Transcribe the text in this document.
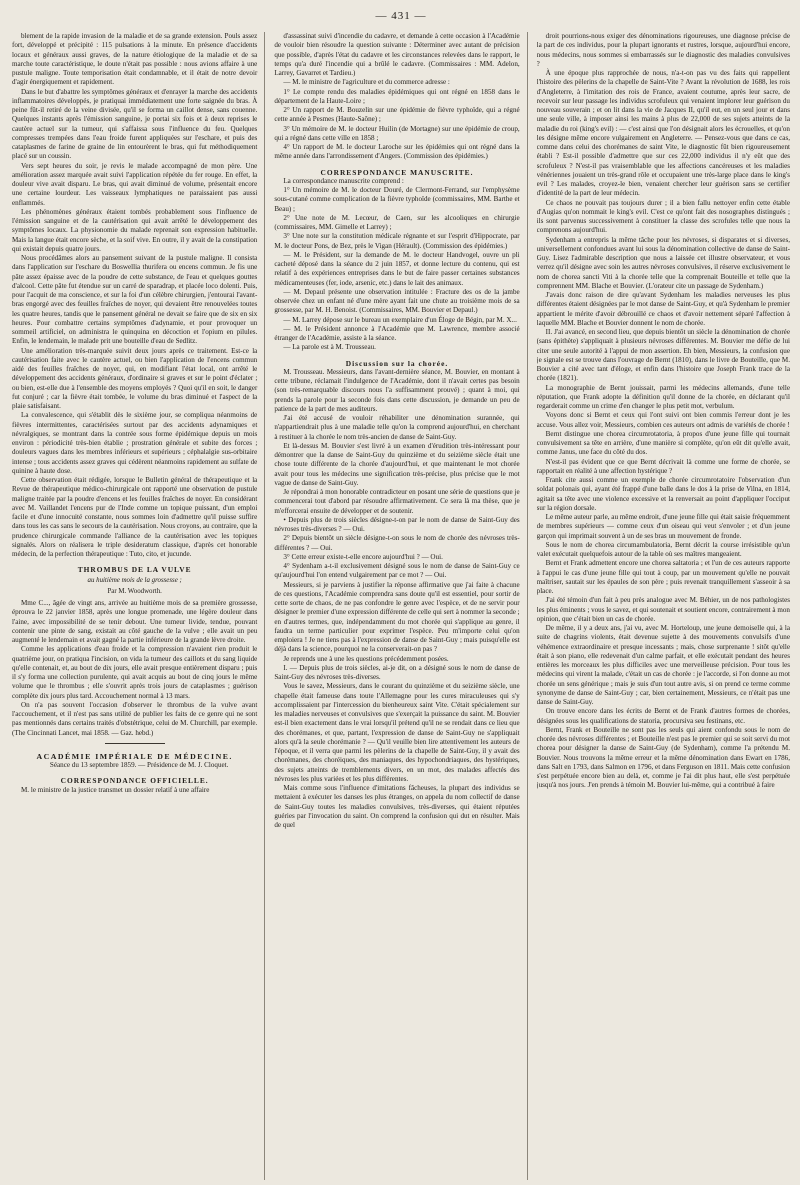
— 431 —

blement de la rapide invasion de la maladie et de sa grande extension. Pouls assez fort, développé et précipité : 115 pulsations à la minute. En présence d'accidents locaux et généraux aussi graves, de la nature étiologique de la maladie et de sa marche toute caractéristique, le doute n'était pas possible : nous avions affaire à une pustule maligne. Toute temporisation était condamnable, et il était de notre devoir d'agir énergiquement et rapidement.

Dans le but d'abattre les symptômes généraux et d'enrayer la marche des accidents inflammatoires développés, je pratiquai immédiatement une forte saignée du bras. À peine fût-il retiré de la veine divisée, qu'il se forma un caillot dense, sans couenne. Quelques instants après l'émission sanguine, je portai six fois et à deux reprises le cautère actuel sur la tumeur, qui s'affaissa sous l'influence du feu. Quelques compresses trempées dans l'eau froide furent appliquées sur l'eschare, et puis des cataplasmes de farine de graine de lin entourèrent le bras, qui fut méthodiquement placé sur un coussin.

Vers sept heures du soir, je revis le malade accompagné de mon père. Une amélioration assez marquée avait suivi l'application répétée du fer rouge. En effet, la douleur vive avait disparu. Le bras, qui avait diminué de volume, présentait encore une certaine lourdeur. Les vaisseaux lymphatiques ne paraissaient pas aussi enflammés.

Les phénomènes généraux étaient tombés probablement sous l'influence de l'émission sanguine et de la cautérisation qui avait arrêté le développement des symptômes locaux. La physionomie du malade reprenait son expression habituelle. Mais la langue était encore sèche, et la soif vive. En outre, il y avait de la constipation qui existait depuis quatre jours.

Nous procédâmes alors au pansement suivant de la pustule maligne. Il consista dans l'application sur l'eschare du Boswellia thurifera ou encens commun. Je fis une pâte assez épaisse avec de la poudre de cette substance, de l'eau et quelques gouttes d'alcool. Cette pâte fut étendue sur un carré de sparadrap, et placée loco dolenti. Puis, pour l'acquit de ma conscience, et sur la foi d'un célèbre chirurgien, j'entourai l'avant-bras engorgé avec des feuilles fraîches de noyer, qui devaient être renouvelées toutes les quatre heures, tandis que le pansement général ne devait se faire que de six en six heures. Pour combattre certains symptômes d'adynamie, et pour provoquer un sommeil artificiel, on administra le quinquina en décoction et l'opium en pilules. Enfin, le lendemain, le malade prit une bouteille d'eau de Sedlitz.

Une amélioration très-marquée suivit deux jours après ce traitement. Est-ce la cautérisation faite avec le cautère actuel, ou bien l'application de l'encens commun aidé des feuilles fraîches de noyer, qui, en modifiant l'état local, ont arrêté le développement des accidents généraux, d'ordinaire si graves et sur le point d'éclater ; ou bien, est-elle due à l'ensemble des moyens employés ? Quoi qu'il en soit, le danger fut conjuré ; car la fièvre était tombée, le volume du bras diminué et l'aspect de la plaie satisfaisant.

La convalescence, qui s'établit dès le sixième jour, se compliqua néanmoins de fièvres intermittentes, caractérisées surtout par des accidents adynamiques et névralgiques, se montrant dans la contrée sous forme épidémique depuis un mois environ : périodicité très-bien établie ; prostration générale et subite des forces ; douleurs vagues dans les membres inférieurs et supérieurs ; céphalalgie sus-orbitaire intense ; tous accidents assez graves qui cédèrent néanmoins rapidement au sulfate de quinine à haute dose.

Cette observation était rédigée, lorsque le Bulletin général de thérapeutique et la Revue de thérapeutique médico-chirurgicale ont rapporté une observation de pustule maligne traitée par la poudre d'encens et les feuilles fraîches de noyer. En considérant avec M. Vaillandet l'encens pur de l'Inde comme un topique puissant, d'un emploi facile et d'une innocuité constante, nous sommes loin d'admettre qu'il puisse suffire dans tous les cas sans le secours de la cautérisation. Nous croyons, au contraire, que la prudence chirurgicale commande l'alliance de la cautérisation avec les topiques signalés. Alors on réalisera le triple desideratum classique, d'après cet honorable médecin, de la perfection thérapeutique : Tuto, cito, et jucunde.

THROMBUS DE LA VULVE
au huitième mois de la grossesse ;
Par M. Woodworth.

Mme C..., âgée de vingt ans, arrivée au huitième mois de sa première grossesse, éprouva le 22 janvier 1858, après une longue promenade, une légère douleur dans l'aine, avec impossibilité de se tenir debout. Une tumeur livide, tendue, pouvant contenir une pinte de sang, existait au côté gauche de la vulve ; elle avait un peu augmenté le lendemain et avait gagné la partie inférieure de la grande lèvre droite.

Comme les applications d'eau froide et la compression n'avaient rien produit le quatrième jour, on pratiqua l'incision, on vida la tumeur des caillots et du sang liquide qu'elle contenait, et, au bout de dix jours, elle avait presque entièrement disparu ; puis il s'y forma une collection purulente, qui avait acquis au bout de cinq jours le même volume que le thrombus ; elle s'ouvrit après trois jours de cataplasmes ; guérison complète dix jours plus tard. Accouchement normal à 13 mars.

On n'a pas souvent l'occasion d'observer le thrombus de la vulve avant l'accouchement, et il n'est pas sans utilité de publier les faits de ce genre qui ne sont pas mentionnés dans certains traités d'obstétrique, celui de M. Churchill, par exemple. (The Cincinnati Lancet, mai 1858. — Gaz. hebd.)

ACADÉMIE IMPÉRIALE DE MÉDECINE.

Séance du 13 septembre 1859. — Présidence de M. J. Cloquet.

CORRESPONDANCE OFFICIELLE.

M. le ministre de la justice transmet un dossier relatif à une affaire

d'assassinat suivi d'incendie du cadavre, et demande à cette occasion à l'Académie de vouloir bien résoudre la question suivante : Déterminer avec autant de précision que possible, d'après l'état du cadavre et les circonstances relevées dans le rapport, le temps qu'a duré l'incendie qui a brûlé le cadavre. (Commissaires : MM. Adelon, Larrey, Gavarret et Tardieu.)

— M. le ministre de l'agriculture et du commerce adresse :

1° Le compte rendu des maladies épidémiques qui ont régné en 1858 dans le département de la Haute-Loire ;

2° Un rapport de M. Bouzelin sur une épidémie de fièvre typhoïde, qui a régné cette année à Pesmes (Haute-Saône) ;

3° Un mémoire de M. le docteur Huilin (de Mortagne) sur une épidémie de croup, qui a régné dans cette ville en 1858 ;

4° Un rapport de M. le docteur Laroche sur les épidémies qui ont régné dans la même année dans l'arrondissement d'Angers. (Commission des épidémies.)

CORRESPONDANCE MANUSCRITE.

La correspondance manuscrite comprend :

1° Un mémoire de M. le docteur Douré, de Clermont-Ferrand, sur l'emphysème sous-cutané comme complication de la fièvre typhoïde (commissaires, MM. Barthe et Beau) ;

2° Une note de M. Lecœur, de Caen, sur les alcooliques en chirurgie (commissaires, MM. Gimelle et Larrey) ;

3° Une note sur la constitution médicale régnante et sur l'esprit d'Hippocrate, par M. le docteur Pons, de Bez, près le Vigan (Hérault). (Commission des épidémies.)

— M. le Président, sur la demande de M. le docteur Handvogel, ouvre un pli cacheté déposé dans la séance du 2 juin 1857, et donne lecture du contenu, qui est relatif à des expériences entreprises dans le but de faire passer certaines substances médicamenteuses (fer, iode, arsenic, etc.) dans le lait des animaux.

— M. Depaul présente une observation intitulée : Fracture des os de la jambe observée chez un enfant né d'une mère ayant fait une chute au troisième mois de sa grossesse, par M. H. Benoist. (Commissaires, MM. Bouvier et Depaul.)

— M. Larrey dépose sur le bureau un exemplaire d'un Éloge de Bégin, par M. X...

— M. le Président annonce à l'Académie que M. Lawrence, membre associé étranger de l'Académie, assiste à la séance.

— La parole est à M. Trousseau.

Discussion sur la chorée.

M. Trousseau. Messieurs, dans l'avant-dernière séance, M. Bouvier, en montant à cette tribune, réclamait l'indulgence de l'Académie, dont il n'avait certes pas besoin (son très-remarquable discours nous l'a suffisamment prouvé) ; quant à moi, qui prends la parole pour la seconde fois dans cette discussion, je demande un peu de patience de la part de mes auditeurs.

J'ai été accusé de vouloir réhabiliter une dénomination surannée, qui n'appartiendrait plus à une maladie telle qu'on la comprend aujourd'hui, en cherchant à restituer à la chorée le nom très-ancien de danse de Saint-Guy.

Et là-dessus M. Bouvier s'est livré à un examen d'érudition très-intéressant pour démontrer que la danse de Saint-Guy du quinzième et du seizième siècle était une chose toute différente de la chorée d'aujourd'hui, et que maintenant le mot chorée avait pour tous les médecins une signification très-précise, plus précise que le mot vague de danse de Saint-Guy.

Je répondrai à mon honorable contradicteur en posant une série de questions que je commencerai tout d'abord par résoudre affirmativement. Ce sera là ma thèse, que je m'efforcerai ensuite de développer et de soutenir.

• Depuis plus de trois siècles désigne-t-on par le nom de danse de Saint-Guy des névroses très-diverses ? — Oui.

2° Depuis bientôt un siècle désigne-t-on sous le nom de chorée des névroses très-différentes ? — Oui.

3° Cette erreur existe-t-elle encore aujourd'hui ? — Oui.

4° Sydenham a-t-il exclusivement désigné sous le nom de danse de Saint-Guy ce qu'aujourd'hui l'on entend vulgairement par ce mot ? — Oui.

Messieurs, si je parviens à justifier la réponse affirmative que j'ai faite à chacune de ces questions, l'Académie comprendra sans doute qu'il est essentiel, pour sortir de cette sorte de chaos, de ne pas confondre le genre avec l'espèce, et de ne servir pour désigner le premier d'une expression différente de celle qui sert à nommer la seconde ; en d'autres termes, que, indépendamment du mot chorée qui s'applique au genre, il faudra un terme particulier pour exprimer l'espèce. Peu m'importe celui qu'on emploiera ! Je ne tiens pas à l'expression de danse de Saint-Guy ; mais puisqu'elle est déjà dans la science, pourquoi ne la conserverait-on pas ?

Je reprends une à une les questions précédemment posées.

I. — Depuis plus de trois siècles, ai-je dit, on a désigné sous le nom de danse de Saint-Guy des névroses très-diverses.

Vous le savez, Messieurs, dans le courant du quinzième et du seizième siècle, une chapelle était fameuse dans toute l'Allemagne pour les cures miraculeuses qui s'y accomplissaient par l'intercession du bienheureux saint Vite. C'était spécialement sur les maladies nerveuses et convulsives que s'exerçait la puissance du saint. M. Bouvier est-il bien exactement dans le vrai lorsqu'il prétend qu'il ne se rendait dans ce lieu que des chorémanes, et que, partant, l'expression de danse de Saint-Guy ne s'appliquait alors qu'à la seule chorémanie ? — Qu'il veuille bien lire attentivement les auteurs de l'époque, et il verra que parmi les pèlerins de la chapelle de Saint-Guy, il y avait des chorémanes, des choréiques, des maniaques, des hypochondriaques, des hystériques, des sujets atteints de tremblements divers, en un mot, des malades affectés des névroses les plus variées et les plus différentes.

Mais comme sous l'influence d'imitations fâcheuses, la plupart des individus se mettaient à exécuter les danses les plus étranges, on appela du nom collectif de danse de Saint-Guy toutes les maladies convulsives, très-diverses, qui étaient réputées guéries par l'invocation du saint. On comprend la confusion qui dut en résulter. Mais de quel

droit pourrions-nous exiger des dénominations rigoureuses, une diagnose précise de la part de ces individus, pour la plupart ignorants et rustres, lorsque, aujourd'hui encore, nous médecins, nous sommes si embarrassés sur le diagnostic des maladies convulsives ?

À une époque plus rapprochée de nous, n'a-t-on pas vu des faits qui rappellent l'histoire des pèlerins de la chapelle de Saint-Vite ? Avant la révolution de 1688, les rois d'Angleterre, à l'imitation des rois de France, avaient coutume, après leur sacre, de recevoir sur leur passage les individus scrofuleux qui venaient implorer leur guérison du nouveau souverain ; et on lit dans la vie de Jacques II, qu'il eut, en un seul jour et dans une seule ville, à imposer ainsi les mains à plus de 22,000 de ses sujets atteints de la maladie du roi (king's evil) : — c'est ainsi que l'on désignait alors les écrouelles, et qu'on les désigne même encore vulgairement en Angleterre. — Pensez-vous que dans ce cas, comme dans celui des chorémanes de saint Vite, le diagnostic fût bien rigoureusement établi ? Est-il possible d'admettre que sur ces 22,000 individus il n'y eût que des scrofuleux ? N'est-il pas vraisemblable que les affections cancéreuses et les maladies vénériennes jouaient un très-grand rôle et occupaient une très-large place dans le king's evil ? Les malades, croyez-le bien, venaient chercher leur guérison sans se certifier d'identité de la part de leur médecin.

Ce chaos ne pouvait pas toujours durer ; il a bien fallu nettoyer enfin cette étable d'Augias qu'on nommait le king's evil. C'est ce qu'ont fait des nosographes distingués ; ils sont parvenus successivement à constituer la classe des scrofules telle que nous la comprenons aujourd'hui.

Sydenham a entrepris la même tâche pour les névroses, si disparates et si diverses, universellement confondues avant lui sous la dénomination collective de danse de Saint-Guy. Lisez l'admirable description que nous a laissée cet illustre observateur, et vous verrez qu'il désigne avec soin les autres névroses convulsives, il réserve exclusivement le nom de chorea sancti Viti à la chorée telle que la comprenait Bouteille et telle que la comprennent MM. Blache et Bouvier. (L'orateur cite un passage de Sydenham.)

J'avais donc raison de dire qu'avant Sydenham les maladies nerveuses les plus différentes étaient désignées par le mot danse de Saint-Guy, et qu'à Sydenham le premier appartient le mérite d'avoir débrouillé ce chaos et d'avoir nettement séparé l'affection à laquelle MM. Blache et Bouvier donnent le nom de chorée.

II. J'ai avancé, en second lieu, que depuis bientôt un siècle la dénomination de chorée (sans épithète) s'appliquait à plusieurs névroses différentes. M. Bouvier me défie de lui citer une seule autorité à l'appui de mon assertion. Eh bien, Messieurs, la confusion que je signale est se trouve dans l'ouvrage de Bernt (1810), dans le livre de Bouteille, que M. Bouvier a cité avec tant d'éloge, et enfin dans l'histoire que Joseph Frank trace de la chorée (1821).

La monographie de Bernt jouissait, parmi les médecins allemands, d'une telle réputation, que Frank adopte la définition qu'il donne de la chorée, en déclarant qu'il regarderait comme un crime d'en changer le plus petit mot, verbulum.

Voyons donc si Bernt et ceux qui l'ont suivi ont bien commis l'erreur dont je les accuse. Vous allez voir, Messieurs, combien ces auteurs ont admis de variétés de chorée !

Bernt distingue une chorea circumrotatoria, à propos d'une jeune fille qui tournait convulsivement sa tête en arrière, d'une manière si complète, qu'on eût dit qu'elle avait, comme Janus, une face du côté du dos.

N'est-il pas évident que ce que Bernt décrivait là comme une forme de chorée, se rapportait en réalité à une affection hystérique ?

Frank cite aussi comme un exemple de chorée circumrotatoire l'observation d'un soldat polonais qui, ayant été frappé d'une balle dans le dos à la prise de Vilna, en 1814, agitait sa tête avec une violence excessive et la renversait au point d'appliquer l'occiput sur la région dorsale.

Le même auteur parle, au même endroit, d'une jeune fille qui était saisie fréquemment de membres supérieurs — comme ceux d'un oiseau qui veut s'envoler ; et d'un jeune garçon qui imprimait souvent à un de ses bras un mouvement de fronde.

Sous le nom de chorea circumambulatoria, Bernt décrit la course irrésistible qu'un valet exécutait quelquefois autour de la table où ses maîtres mangeaient.

Bernt et Frank admettent encore une chorea saltatoria ; et l'un de ces auteurs rapporte à l'appui le cas d'une jeune fille qui tout à coup, par un mouvement qu'elle ne pouvait maîtriser, sautait sur les épaules de son père ; puis revenait tranquillement s'asseoir à sa place.

J'ai été témoin d'un fait à peu près analogue avec M. Béhier, un de nos pathologistes les plus éminents ; vous le savez, et qui soutenait et soutient encore, contrairement à mon opinion, que c'était bien un cas de chorée.

De même, il y a deux ans, j'ai vu, avec M. Horteloup, une jeune demoiselle qui, à la suite de chagrins violents, était devenue sujette à des mouvements convulsifs d'une véhémence extraordinaire et presque incessants ; mais, chose surprenante ! sitôt qu'elle était à son piano, elle redevenait d'un calme parfait, et elle exécutait pendant des heures entières les morceaux les plus difficiles avec une merveilleuse précision. Pour tous les médecins qui virent la malade, c'était un cas de chorée : je l'accorde, si l'on donne au mot chorée un sens générique ; mais je suis d'un tout autre avis, si on prend ce terme comme synonyme de danse de Saint-Guy ; car, bien certainement, Messieurs, ce n'était pas une danse de Saint-Guy.

On trouve encore dans les écrits de Bernt et de Frank d'autres formes de chorées, désignées sous les qualifications de statoria, procursiva seu festinans, etc.

Bernt, Frank et Bouteille ne sont pas les seuls qui aient confondu sous le nom de chorée des névroses différentes ; et Bouteille n'est pas le premier qui se soit servi du mot chorea pour désigner la danse de Saint-Guy (de Sydenham), comme l'a prétendu M. Bouvier. Nous trouvons la même erreur et la même dénomination dans Ewart en 1786, dans Salt en 1793, dans Salmon en 1796, et dans Ferguson en 1811. Mais cette confusion s'est perpétuée encore bien au delà, et, comme je l'ai dit plus haut, elle s'est perpétuée jusqu'à nos jours. J'en prends à témoin M. Bouvier lui-même, qui a contribué à faire
